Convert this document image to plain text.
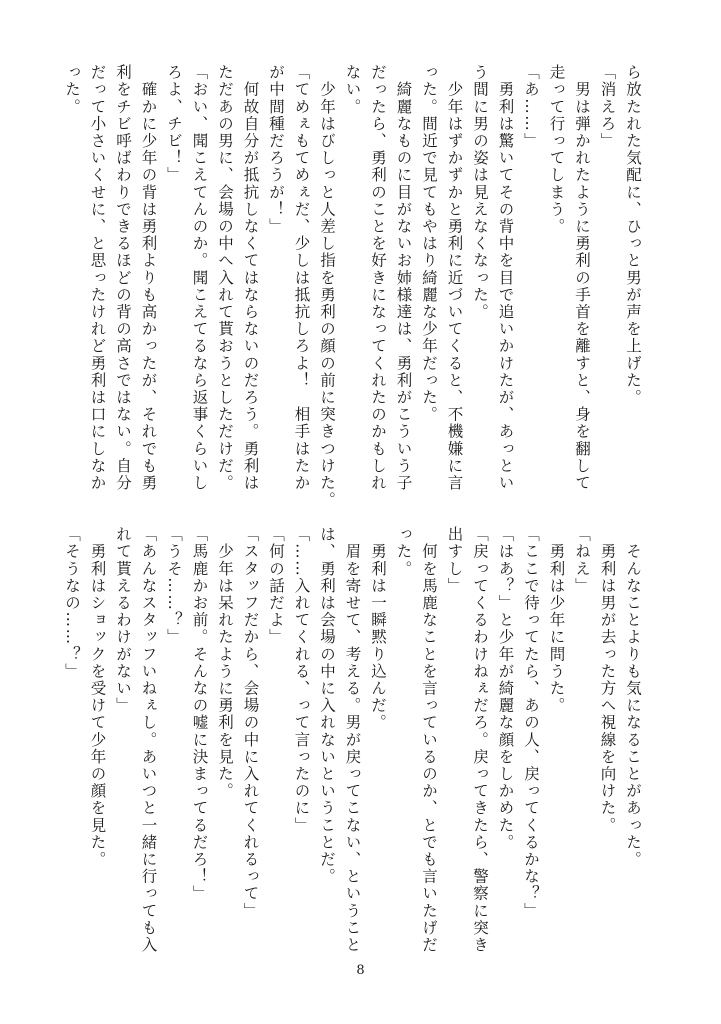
ら放たれた気配に、ひっと男が声を上げた。

「消えろ」

　男は弾かれたように勇利の手首を離すと、身を翻して

走って行ってしまう。

「あ……」

　勇利は驚いてその背中を目で追いかけたが、あっとい

う間に男の姿は見えなくなった。

　少年はずかずかと勇利に近づいてくると、不機嫌に言

った。間近で見てもやはり綺麗な少年だった。

　綺麗なものに目がないお姉様達は、勇利がこういう子

だったら、勇利のことを好きになってくれたのかもしれ

ない。

　少年はびしっと人差し指を勇利の顔の前に突きつけた。

「てめぇもてめぇだ、少しは抵抗しろよ！　相手はたか

が中間種だろうが！」

　何故自分が抵抗しなくてはならないのだろう。勇利は

ただあの男に、会場の中へ入れて貰おうとしただけだ。

「おい、聞こえてんのか。聞こえてるなら返事くらいし

ろよ、チビ！」

　確かに少年の背は勇利よりも高かったが、それでも勇

利をチビ呼ばわりできるほどの背の高さではない。自分

だって小さいくせに、と思ったけれど勇利は口にしなか

った。

　そんなことよりも気になることがあった。

　勇利は男が去った方へ視線を向けた。

「ねえ」

　勇利は少年に問うた。

「ここで待ってたら、あの人、戻ってくるかな？」

「はあ？」と少年が綺麗な顔をしかめた。

「戻ってくるわけねぇだろ。戻ってきたら、警察に突き

出すし」

　何を馬鹿なことを言っているのか、とでも言いたげだ

った。

　勇利は一瞬黙り込んだ。

　眉を寄せて、考える。男が戻ってこない、ということ

は、勇利は会場の中に入れないということだ。

「……入れてくれる、って言ったのに」

「何の話だよ」

「スタッフだから、会場の中に入れてくれるって」

　少年は呆れたように勇利を見た。

「馬鹿かお前。そんなの嘘に決まってるだろ！」

「うそ……？」

「あんなスタッフいねぇし。あいつと一緒に行っても入

れて貰えるわけがない」

　勇利はショックを受けて少年の顔を見た。

「そうなの……？」

8
